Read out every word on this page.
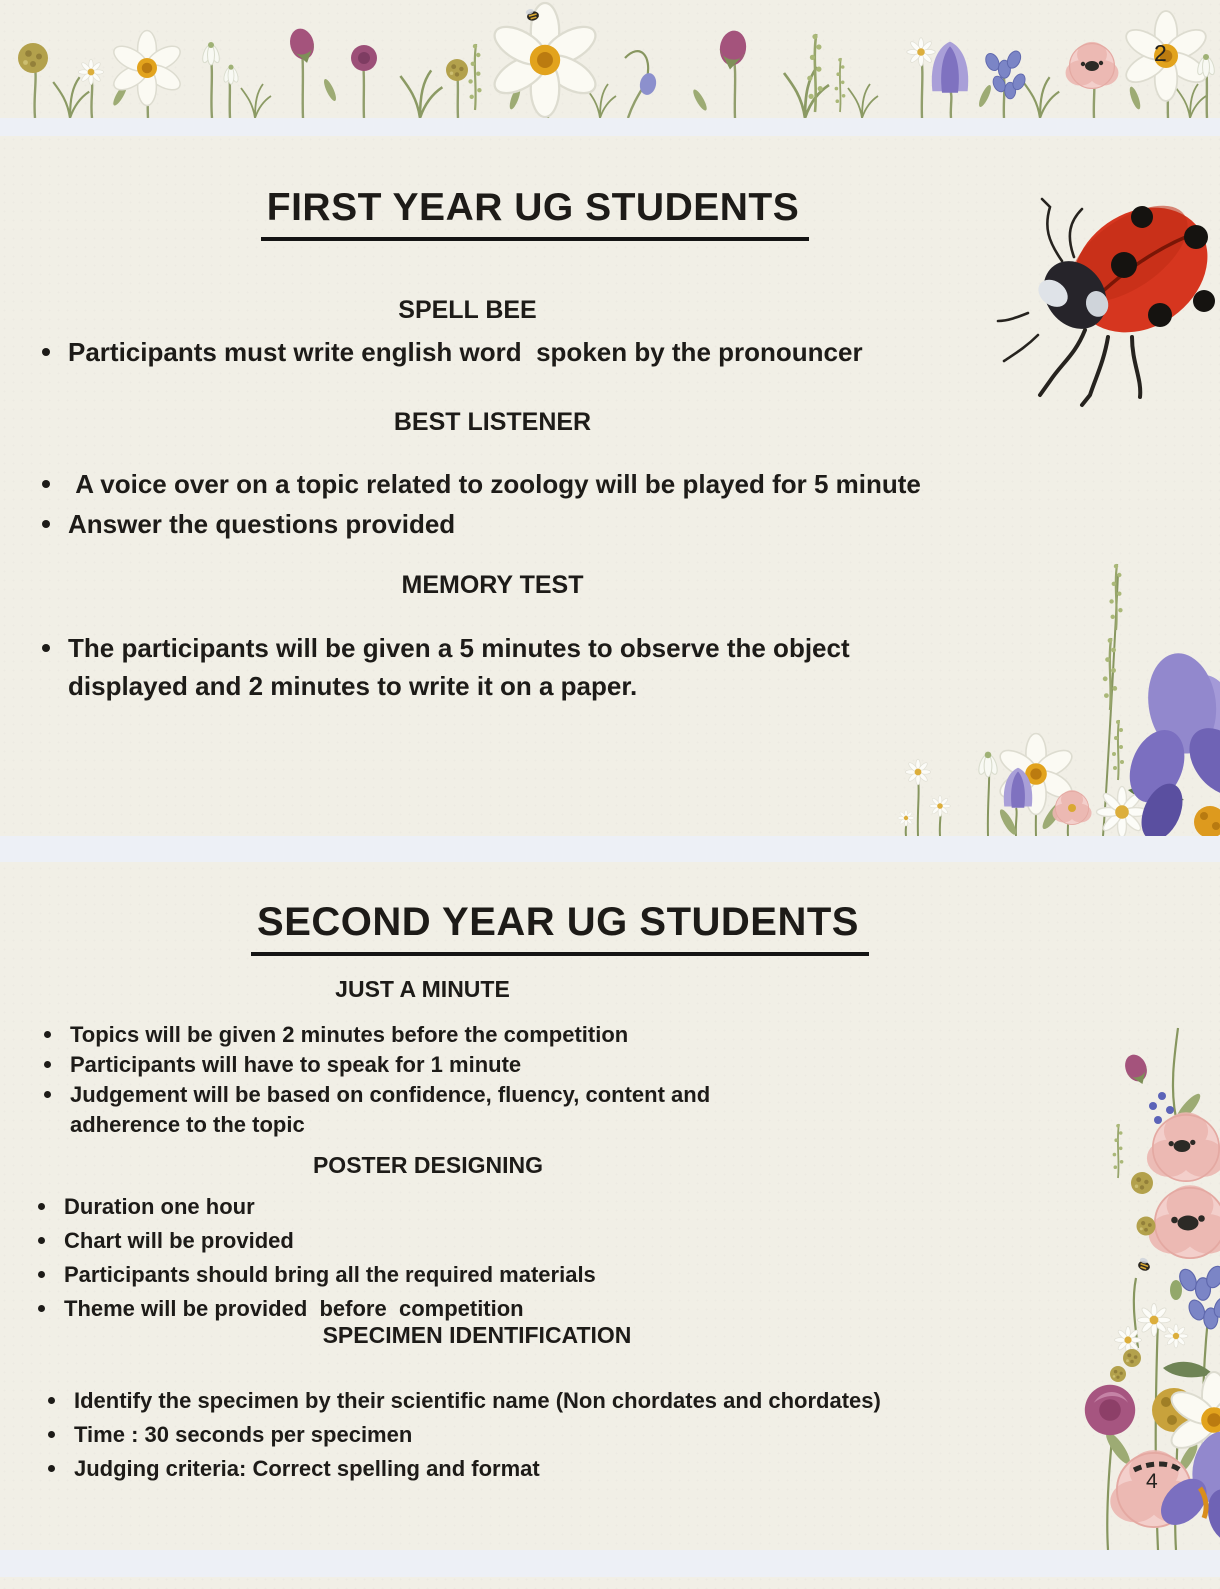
2
FIRST YEAR UG STUDENTS
SPELL BEE
Participants must write english word  spoken by the pronouncer
BEST LISTENER
A voice over on a topic related to zoology will be played for 5 minute
Answer the questions provided
MEMORY TEST
The participants will be given a 5 minutes to observe the object displayed and 2 minutes to write it on a paper.
SECOND YEAR UG STUDENTS
JUST A MINUTE
Topics will be given 2 minutes before the competition
Participants will have to speak for 1 minute
Judgement will be based on confidence, fluency, content and adherence to the topic
POSTER DESIGNING
Duration one hour
Chart will be provided
Participants should bring all the required materials
Theme will be provided  before  competition
SPECIMEN IDENTIFICATION
Identify the specimen by their scientific name (Non chordates and chordates)
Time : 30 seconds per specimen
Judging criteria: Correct spelling and format
4
